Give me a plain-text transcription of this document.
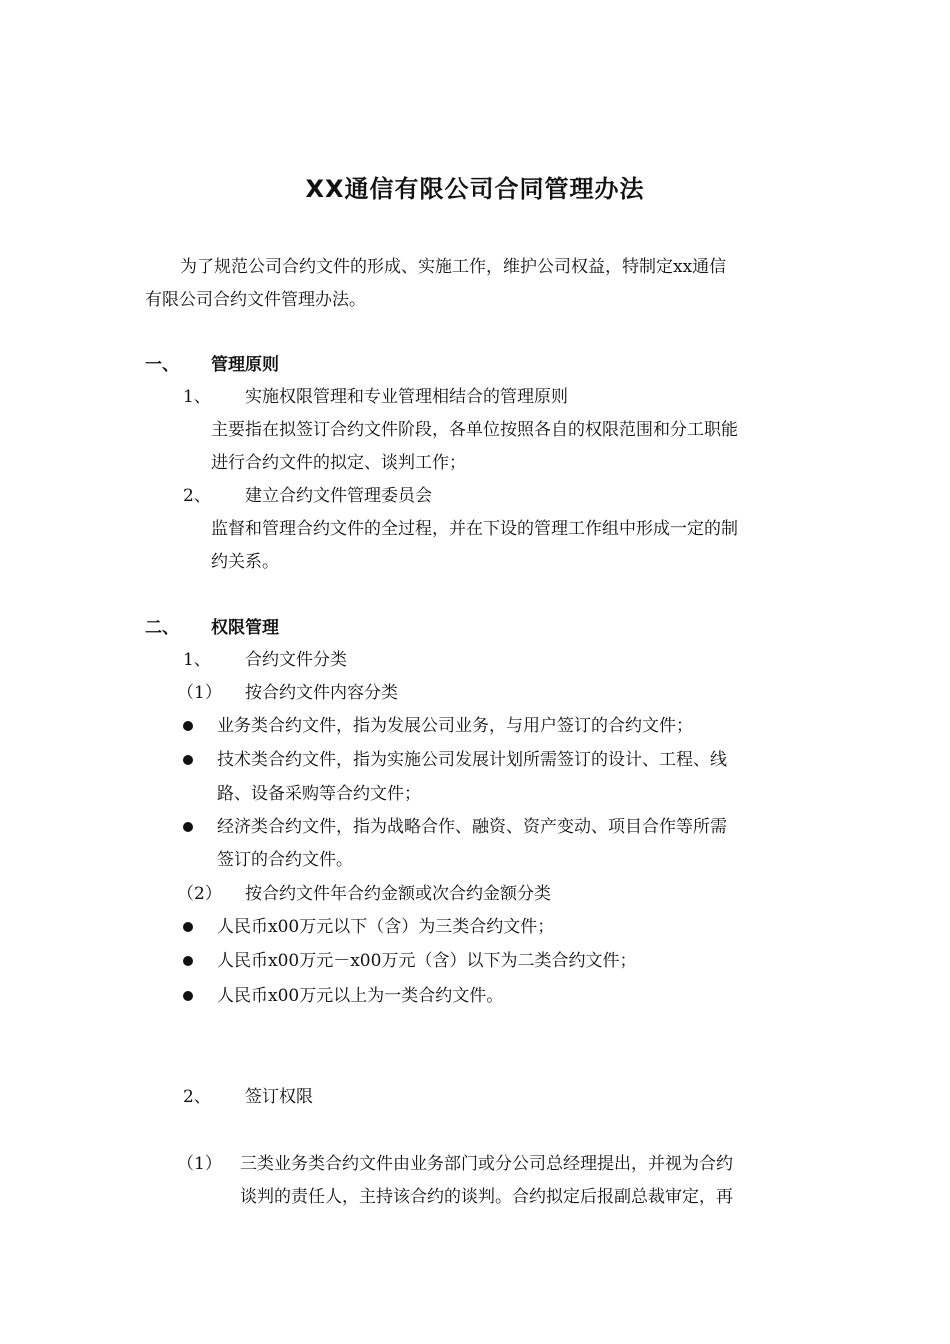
XX通信有限公司合同管理办法
为了规范公司合约文件的形成、实施工作，维护公司权益，特制定xx通信
有限公司合约文件管理办法。
一、 管理原则
1、 实施权限管理和专业管理相结合的管理原则
主要指在拟签订合约文件阶段，各单位按照各自的权限范围和分工职能
进行合约文件的拟定、谈判工作；
2、 建立合约文件管理委员会
监督和管理合约文件的全过程，并在下设的管理工作组中形成一定的制
约关系。
二、 权限管理
1、 合约文件分类
（1） 按合约文件内容分类
业务类合约文件，指为发展公司业务，与用户签订的合约文件；
技术类合约文件，指为实施公司发展计划所需签订的设计、工程、线
路、设备采购等合约文件；
经济类合约文件，指为战略合作、融资、资产变动、项目合作等所需
签订的合约文件。
（2） 按合约文件年合约金额或次合约金额分类
人民币x00万元以下（含）为三类合约文件；
人民币x00万元－x00万元（含）以下为二类合约文件；
人民币x00万元以上为一类合约文件。
2、 签订权限
（1） 三类业务类合约文件由业务部门或分公司总经理提出，并视为合约
谈判的责任人，主持该合约的谈判。合约拟定后报副总裁审定，再
